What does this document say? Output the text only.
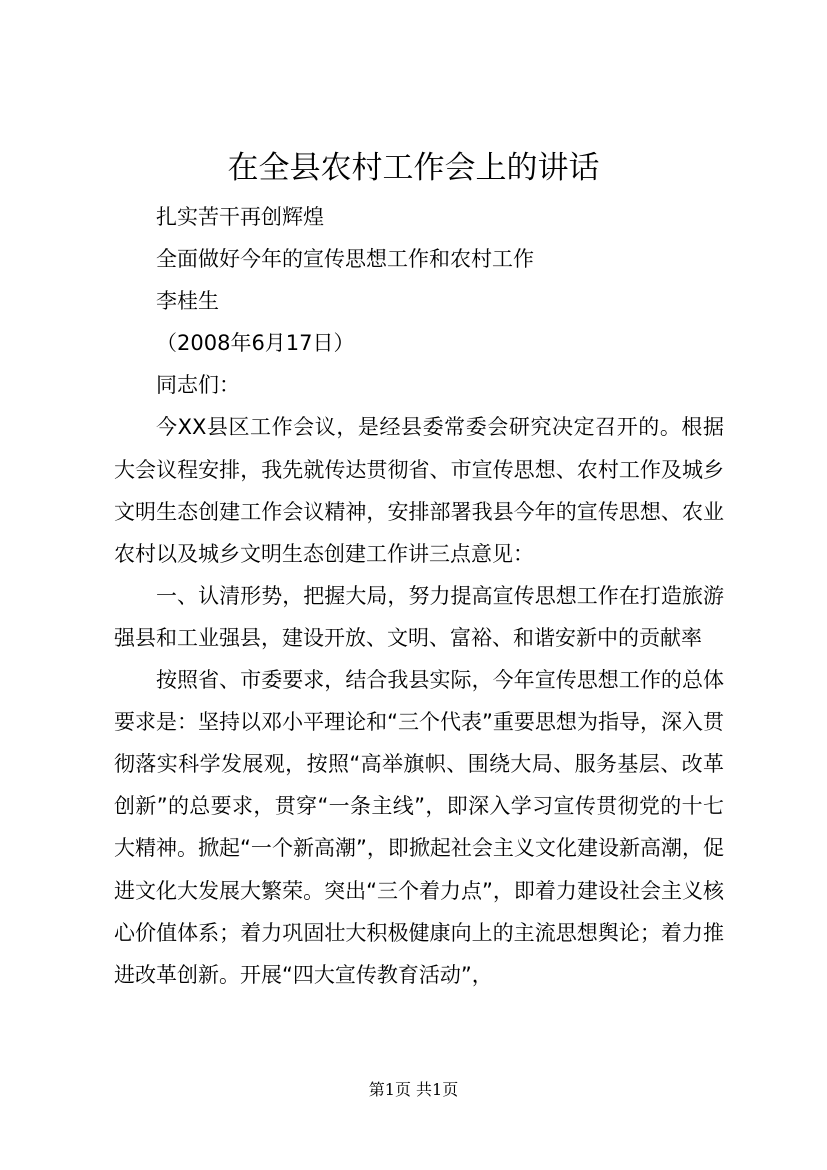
在全县农村工作会上的讲话

扎实苦干再创辉煌

全面做好今年的宣传思想工作和农村工作

李桂生

（2008年6月17日）

同志们：

今XX县区工作会议，是经县委常委会研究决定召开的。根据大会议程安排，我先就传达贯彻省、市宣传思想、农村工作及城乡文明生态创建工作会议精神，安排部署我县今年的宣传思想、农业农村以及城乡文明生态创建工作讲三点意见：

一、认清形势，把握大局，努力提高宣传思想工作在打造旅游强县和工业强县，建设开放、文明、富裕、和谐安新中的贡献率

按照省、市委要求，结合我县实际，今年宣传思想工作的总体要求是：坚持以邓小平理论和“三个代表”重要思想为指导，深入贯彻落实科学发展观，按照“高举旗帜、围绕大局、服务基层、改革创新”的总要求，贯穿“一条主线”，即深入学习宣传贯彻党的十七大精神。掀起“一个新高潮”，即掀起社会主义文化建设新高潮，促进文化大发展大繁荣。突出“三个着力点”，即着力建设社会主义核心价值体系；着力巩固壮大积极健康向上的主流思想舆论；着力推进改革创新。开展“四大宣传教育活动”，

第1页 共1页
